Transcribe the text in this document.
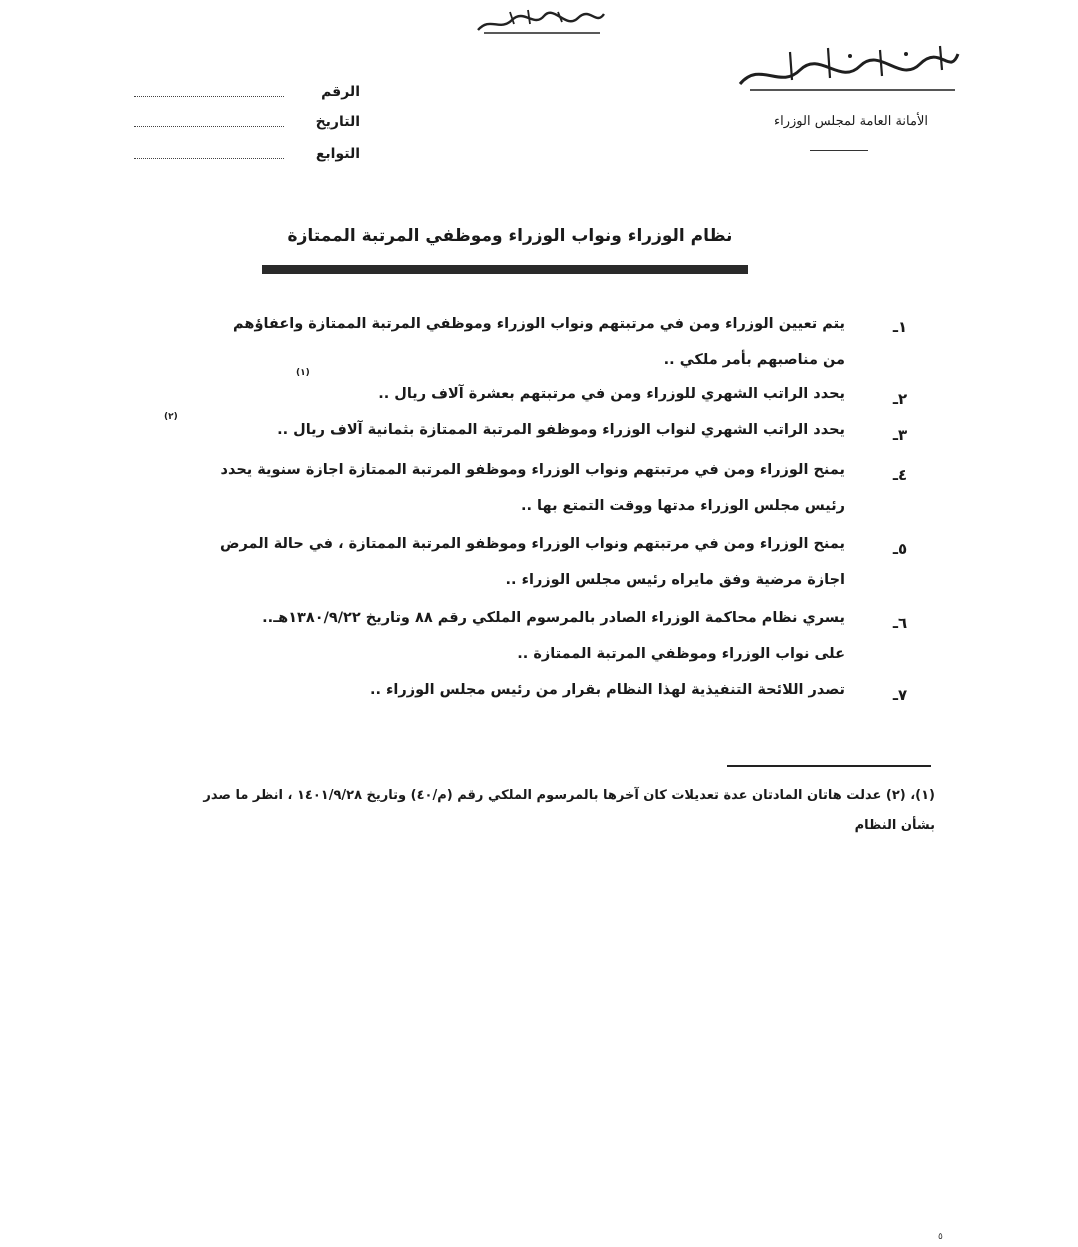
الأمانة العامة لمجلس الوزراء
الرقم
التاريخ
التوابع
نظام الوزراء ونواب الوزراء وموظفي المرتبة الممتازة
١ـ
يتم تعيين الوزراء ومن في مرتبتهم ونواب الوزراء وموظفي المرتبة الممتازة واعفاؤهم
من مناصبهم بأمر ملكي ..
٢ـ
(١)
يحدد الراتب الشهري للوزراء ومن في مرتبتهم بعشرة آلاف ريال ..
٣ـ
(٢)
يحدد الراتب الشهري لنواب الوزراء وموظفو المرتبة الممتازة بثمانية آلاف ريال ..
٤ـ
يمنح الوزراء ومن في مرتبتهم ونواب الوزراء وموظفو المرتبة الممتازة اجازة سنوية يحدد
رئيس مجلس الوزراء مدتها ووقت التمتع بها ..
٥ـ
يمنح الوزراء ومن في مرتبتهم ونواب الوزراء وموظفو المرتبة الممتازة ، في حالة المرض
اجازة مرضية وفق مايراه رئيس مجلس الوزراء ..
٦ـ
يسري نظام محاكمة الوزراء الصادر بالمرسوم الملكي رقم ٨٨ وتاريخ ١٣٨٠/٩/٢٢هـ..
على نواب الوزراء وموظفي المرتبة الممتازة ..
٧ـ
تصدر اللائحة التنفيذية لهذا النظام بقرار من رئيس مجلس الوزراء ..
(١)، (٢) عدلت هاتان المادتان عدة تعديلات كان آخرها بالمرسوم الملكي رقم (م/٤٠) وتاريخ ١٤٠١/٩/٢٨ ، انظر ما صدر
بشأن النظام
٥
